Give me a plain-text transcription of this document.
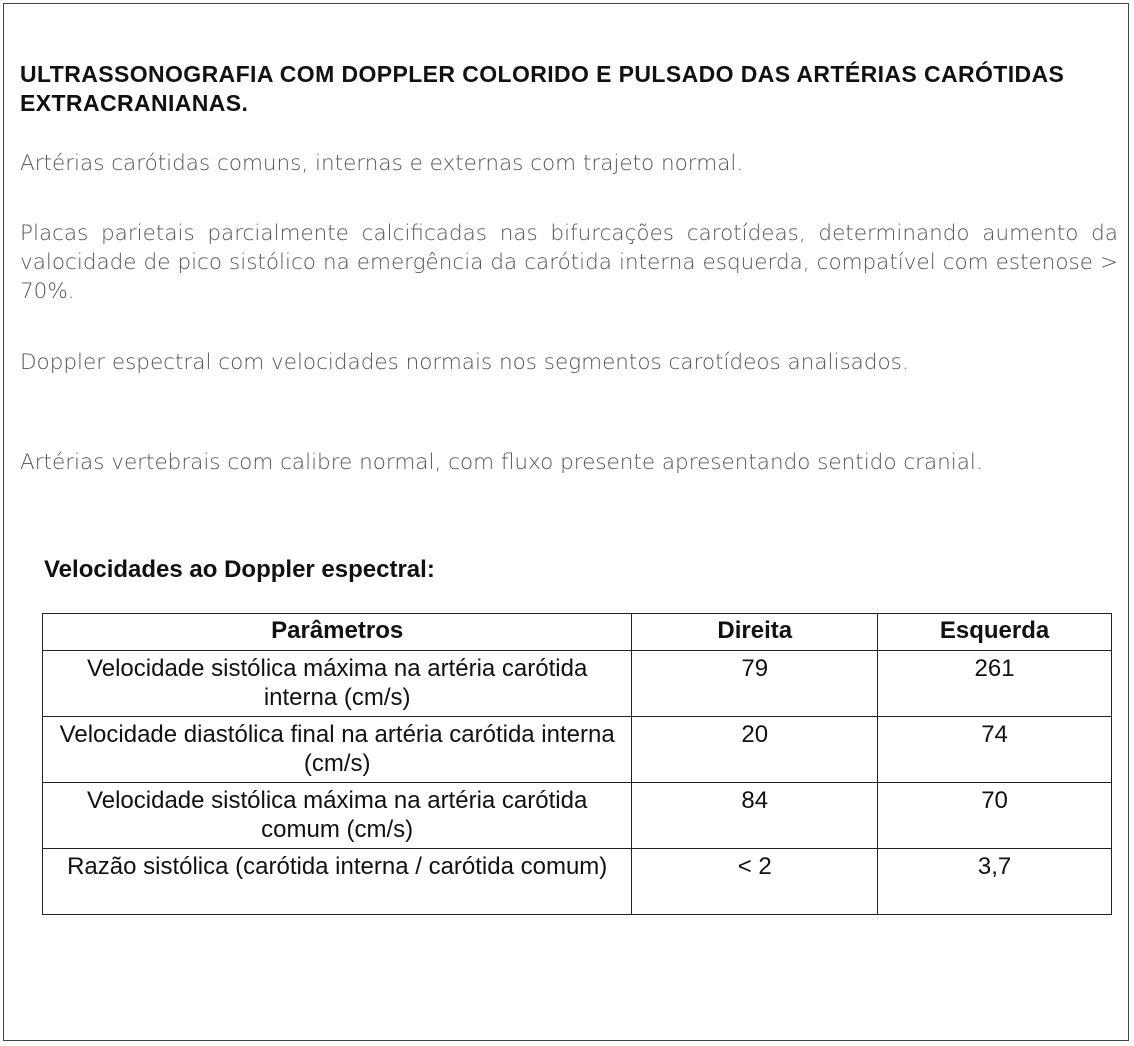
ULTRASSONOGRAFIA COM DOPPLER COLORIDO E PULSADO DAS ARTÉRIAS CARÓTIDAS EXTRACRANIANAS.

Artérias carótidas comuns, internas e externas com trajeto normal.

Placas parietais parcialmente calcificadas nas bifurcações carotídeas, determinando aumento da valocidade de pico sistólico na emergência da carótida interna esquerda, compatível com estenose > 70%.

Doppler espectral com velocidades normais nos segmentos carotídeos analisados.

Artérias vertebrais com calibre normal, com fluxo presente apresentando sentido cranial.

Velocidades ao Doppler espectral:
Parâmetros	Direita	Esquerda
Velocidade sistólica máxima na artéria carótida interna (cm/s)	79	261
Velocidade diastólica final na artéria carótida interna (cm/s)	20	74
Velocidade sistólica máxima na artéria carótida comum (cm/s)	84	70
Razão sistólica (carótida interna / carótida comum)	< 2	3,7
